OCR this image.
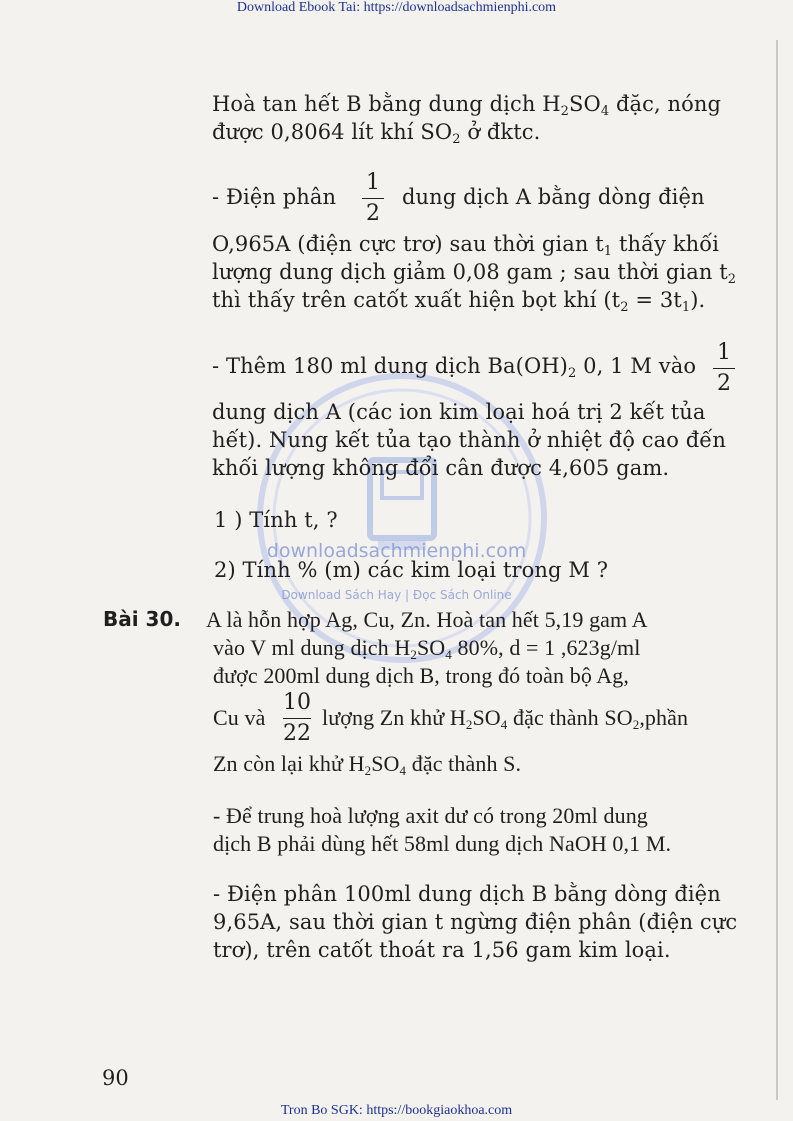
Download Ebook Tai: https://downloadsachmienphi.com
downloadsachmienphi.com
Download Sách Hay | Đọc Sách Online
Hoà tan hết B bằng dung dịch $H_2SO_4$ đặc, nóng
được 0,8064 lít khí $SO_2$ ở đktc.
- Điện phân
1
2
dung dịch A bằng dòng điện
O,965A (điện cực trơ) sau thời gian $t_1$ thấy khối
lượng dung dịch giảm 0,08 gam ; sau thời gian $t_2$
thì thấy trên catốt xuất hiện bọt khí $(t_2 = 3t_1)$.
- Thêm 180 ml dung dịch $Ba(OH)_2$ 0, 1 M vào
1
2
dung dịch A (các ion kim loại hoá trị 2 kết tủa
hết). Nung kết tủa tạo thành ở nhiệt độ cao đến
khối lượng không đổi cân được 4,605 gam.
1 ) Tính t, ?
2) Tính % (m) các kim loại trong M ?
Bài 30. A là hỗn hợp Ag, Cu, Zn. Hoà tan hết 5,19 gam A
vào V ml dung dịch $H_2SO_4$ 80%, d = 1 ,623g/ml
được 200ml dung dịch B, trong đó toàn bộ Ag,
Cu và
10
22
lượng Zn khử $H_2SO_4$ đặc thành $SO_2,phần$
Zn còn lại khử $H_2SO_4$ đặc thành S.
- Để trung hoà lượng axit dư có trong 20ml dung
dịch B phải dùng hết 58ml dung dịch NaOH 0,1 M.
- Điện phân 100ml dung dịch B bằng dòng điện
9,65A, sau thời gian t ngừng điện phân (điện cực
trơ), trên catốt thoát ra 1,56 gam kim loại.
90
Tron Bo SGK: https://bookgiaokhoa.com
